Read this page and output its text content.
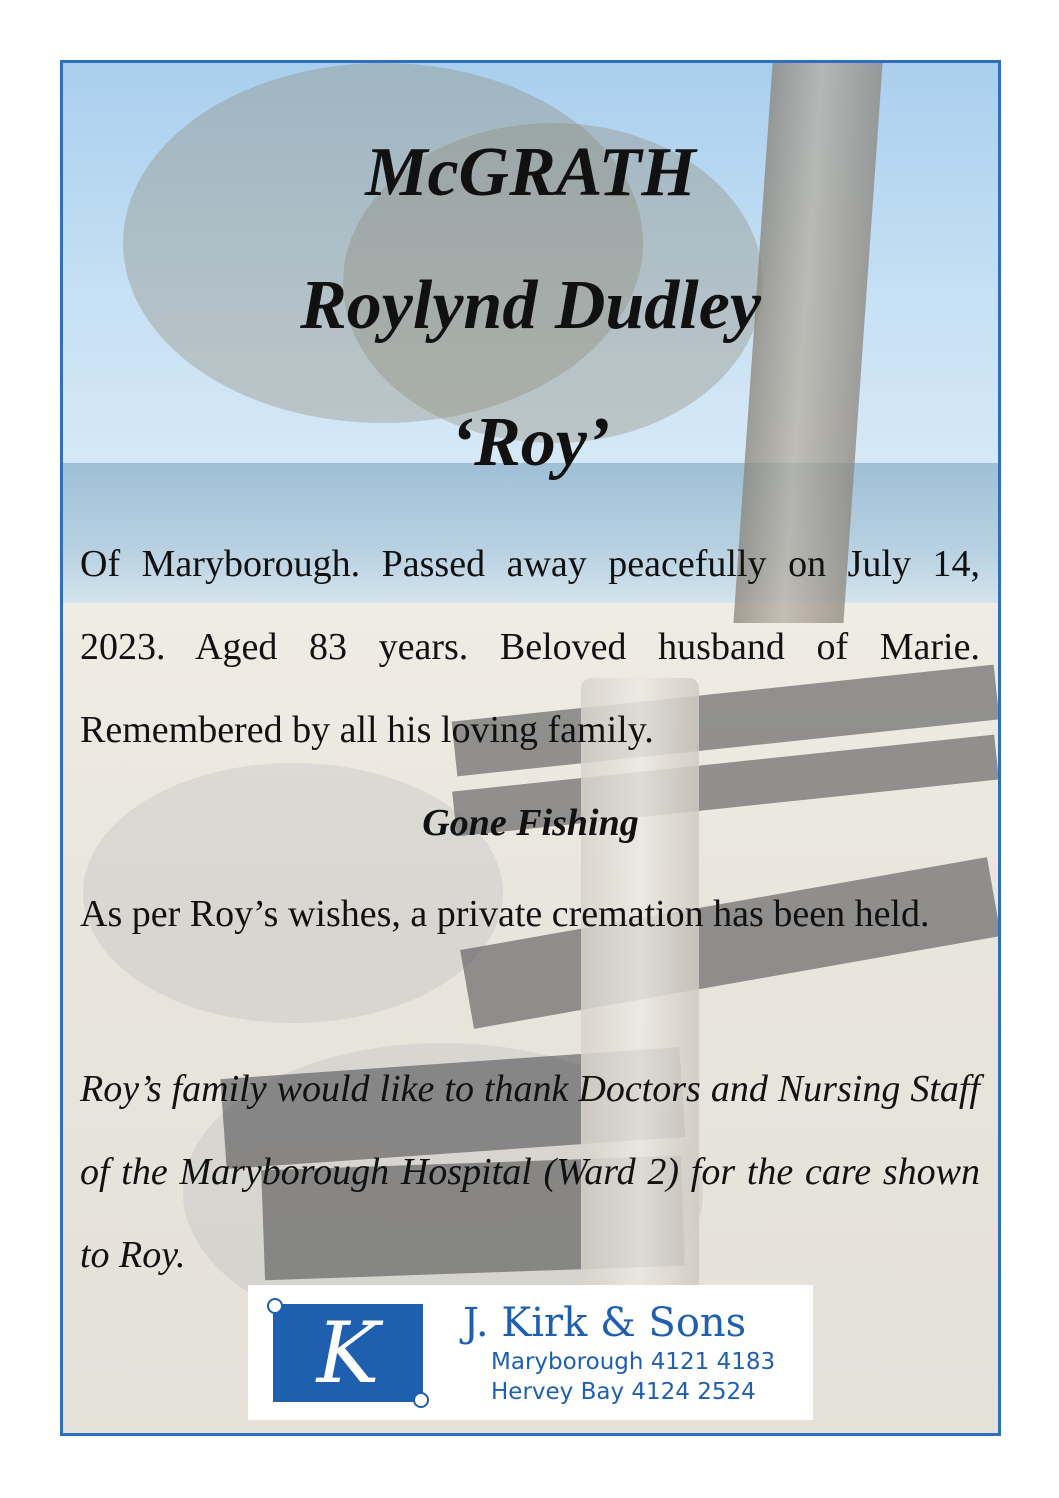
McGRATH
Roylynd Dudley
‘Roy’

Of Maryborough. Passed away peacefully on July 14, 2023. Aged 83 years. Beloved husband of Marie. Remembered by all his loving family.

Gone Fishing

As per Roy’s wishes, a private cremation has been held.

Roy’s family would like to thank Doctors and Nursing Staff of the Maryborough Hospital (Ward 2) for the care shown to Roy.

K J. Kirk & Sons

Maryborough 4121 4183

Hervey Bay 4124 2524
